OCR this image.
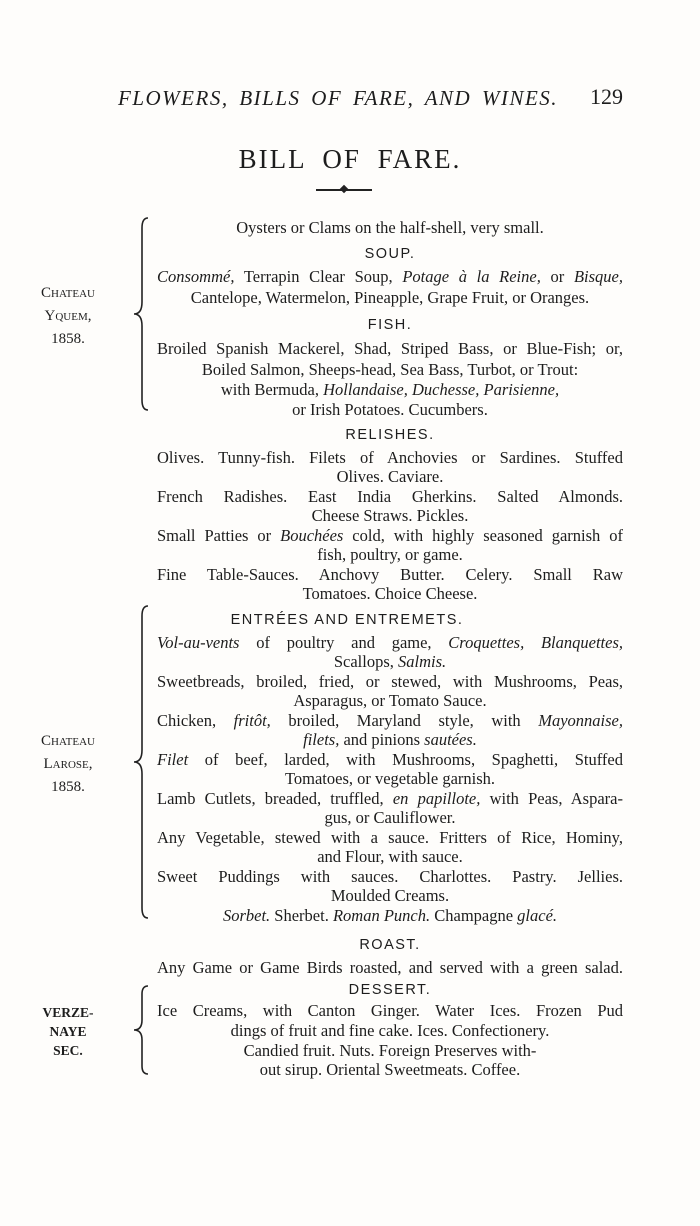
FLOWERS, BILLS OF FARE, AND WINES.	129
BILL OF FARE.
Chateau
Yquem,
1858.
Chateau
Larose,
1858.
VERZE-
NAYE
SEC.
Oysters or Clams on the half-shell, very small.
SOUP.
Consommé, Terrapin Clear Soup, Potage à la Reine, or Bisque,
Cantelope, Watermelon, Pineapple, Grape Fruit, or Oranges.
FISH.
Broiled Spanish Mackerel, Shad, Striped Bass, or Blue-Fish; or,
Boiled Salmon, Sheeps-head, Sea Bass, Turbot, or Trout:
with Bermuda, Hollandaise, Duchesse, Parisienne,
or Irish Potatoes. Cucumbers.
RELISHES.
Olives. Tunny-fish. Filets of Anchovies or Sardines. Stuffed
Olives. Caviare.
French Radishes. East India Gherkins. Salted Almonds.
Cheese Straws. Pickles.
Small Patties or Bouchées cold, with highly seasoned garnish of
fish, poultry, or game.
Fine Table-Sauces. Anchovy Butter. Celery. Small Raw
Tomatoes. Choice Cheese.
ENTRÉES AND ENTREMETS.
Vol-au-vents of poultry and game, Croquettes, Blanquettes,
Scallops, Salmis.
Sweetbreads, broiled, fried, or stewed, with Mushrooms, Peas,
Asparagus, or Tomato Sauce.
Chicken, fritôt, broiled, Maryland style, with Mayonnaise,
filets, and pinions sautées.
Filet of beef, larded, with Mushrooms, Spaghetti, Stuffed
Tomatoes, or vegetable garnish.
Lamb Cutlets, breaded, truffled, en papillote, with Peas, Aspara-
gus, or Cauliflower.
Any Vegetable, stewed with a sauce. Fritters of Rice, Hominy,
and Flour, with sauce.
Sweet Puddings with sauces. Charlottes. Pastry. Jellies.
Moulded Creams.
Sorbet. Sherbet. Roman Punch. Champagne glacé.
ROAST.
Any Game or Game Birds roasted, and served with a green salad.
DESSERT.
Ice Creams, with Canton Ginger. Water Ices. Frozen Pud
dings of fruit and fine cake. Ices. Confectionery.
Candied fruit. Nuts. Foreign Preserves with-
out sirup. Oriental Sweetmeats. Coffee.
